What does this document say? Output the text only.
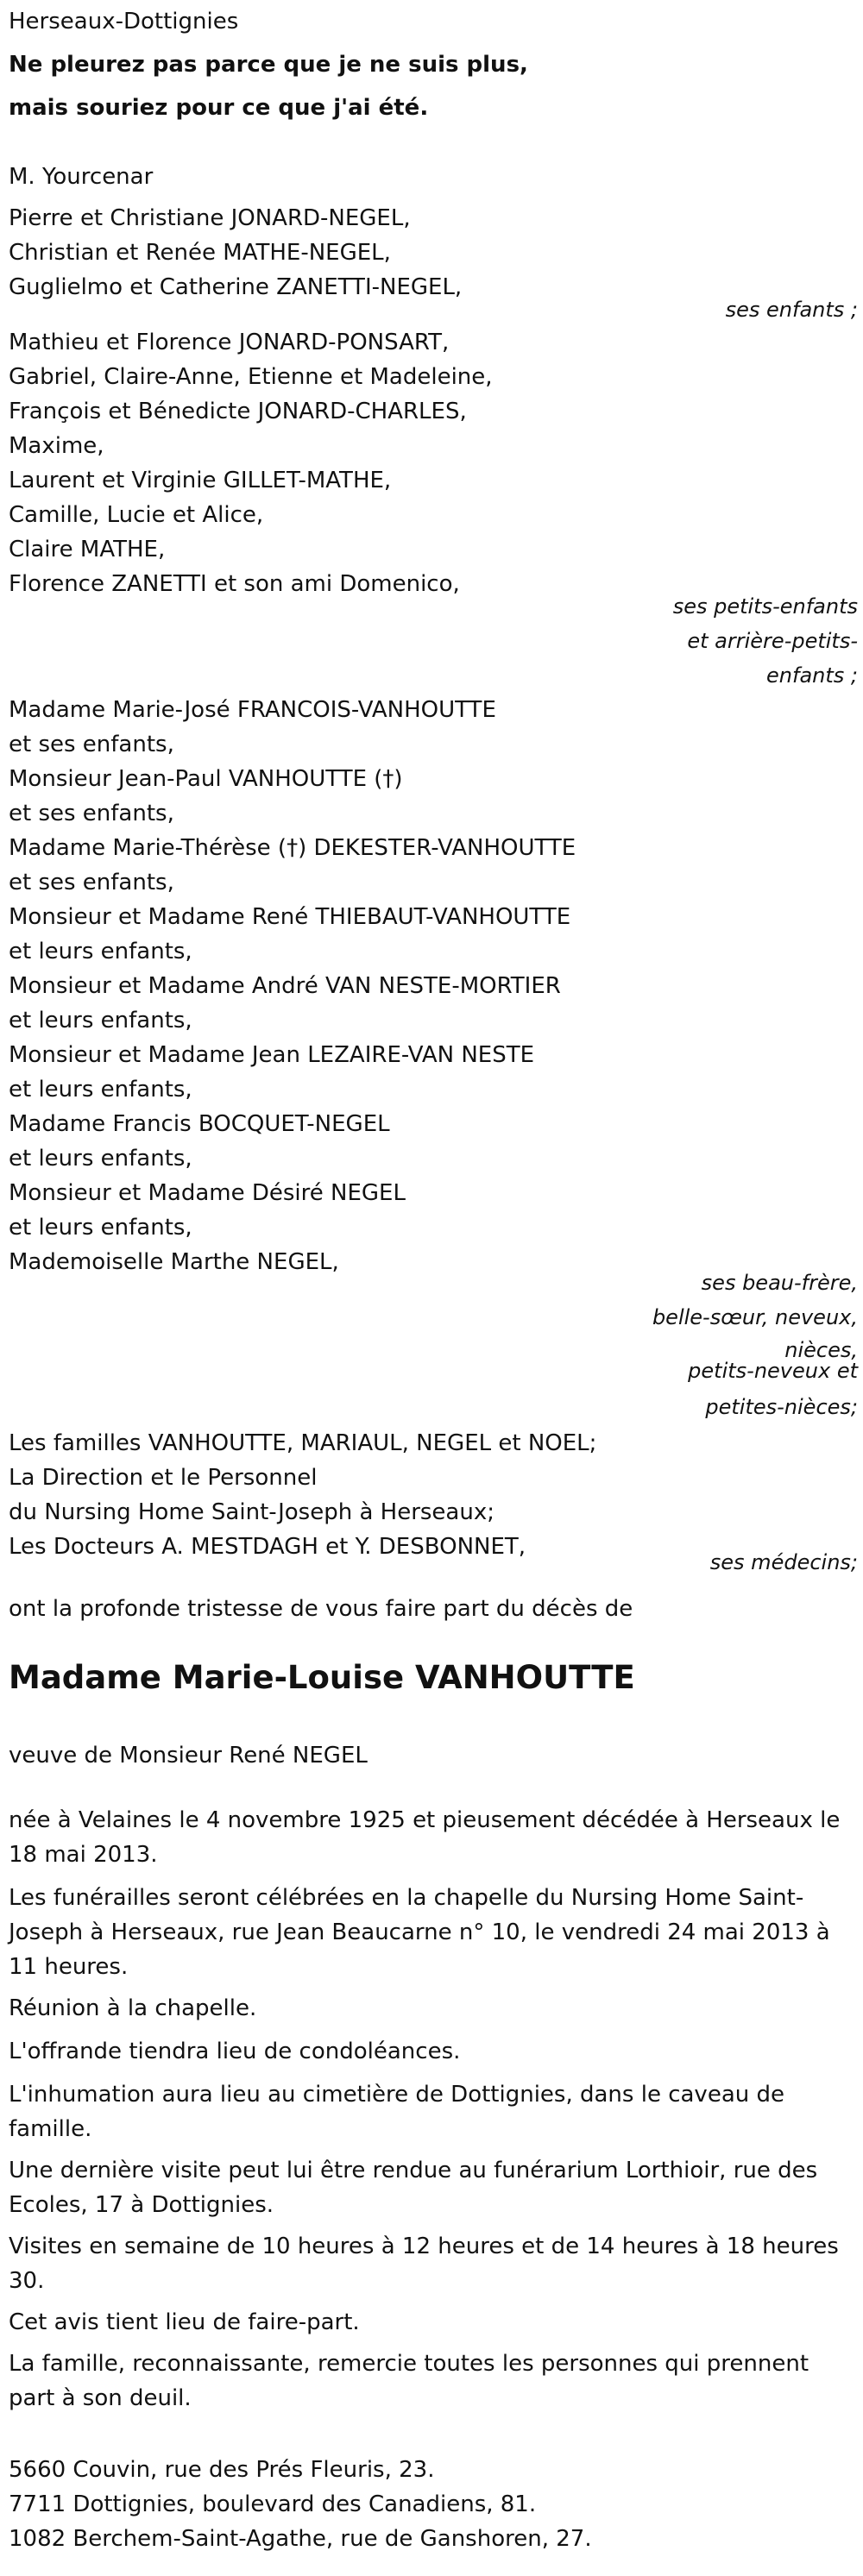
Herseaux-Dottignies
Ne pleurez pas parce que je ne suis plus,
mais souriez pour ce que j'ai été.
M. Yourcenar
Pierre et Christiane JONARD-NEGEL,
Christian et Renée MATHE-NEGEL,
Guglielmo et Catherine ZANETTI-NEGEL,
ses enfants ;
Mathieu et Florence JONARD-PONSART,
Gabriel, Claire-Anne, Etienne et Madeleine,
François et Bénedicte JONARD-CHARLES,
Maxime,
Laurent et Virginie GILLET-MATHE,
Camille, Lucie et Alice,
Claire MATHE,
Florence ZANETTI et son ami Domenico,
ses petits-enfants
et arrière-petits-
enfants ;
Madame Marie-José FRANCOIS-VANHOUTTE
et ses enfants,
Monsieur Jean-Paul VANHOUTTE (†)
et ses enfants,
Madame Marie-Thérèse (†) DEKESTER-VANHOUTTE
et ses enfants,
Monsieur et Madame René THIEBAUT-VANHOUTTE
et leurs enfants,
Monsieur et Madame André VAN NESTE-MORTIER
et leurs enfants,
Monsieur et Madame Jean LEZAIRE-VAN NESTE
et leurs enfants,
Madame Francis BOCQUET-NEGEL
et leurs enfants,
Monsieur et Madame Désiré NEGEL
et leurs enfants,
Mademoiselle Marthe NEGEL,
ses beau-frère,
belle-sœur, neveux,
nièces,
petits-neveux et
petites-nièces;
Les familles VANHOUTTE, MARIAUL, NEGEL et NOEL;
La Direction et le Personnel
du Nursing Home Saint-Joseph à Herseaux;
Les Docteurs A. MESTDAGH et Y. DESBONNET,
ses médecins;
ont la profonde tristesse de vous faire part du décès de
Madame Marie-Louise VANHOUTTE
veuve de Monsieur René NEGEL
née à Velaines le 4 novembre 1925 et pieusement décédée à Herseaux le 18 mai 2013.
Les funérailles seront célébrées en la chapelle du Nursing Home Saint-Joseph à Herseaux, rue Jean Beaucarne n° 10, le vendredi 24 mai 2013 à 11 heures.
Réunion à la chapelle.
L'offrande tiendra lieu de condoléances.
L'inhumation aura lieu au cimetière de Dottignies, dans le caveau de famille.
Une dernière visite peut lui être rendue au funérarium Lorthioir, rue des Ecoles, 17 à Dottignies.
Visites en semaine de 10 heures à 12 heures et de 14 heures à 18 heures 30.
Cet avis tient lieu de faire-part.
La famille, reconnaissante, remercie toutes les personnes qui prennent part à son deuil.
5660 Couvin, rue des Prés Fleuris, 23.
7711 Dottignies, boulevard des Canadiens, 81.
1082 Berchem-Saint-Agathe, rue de Ganshoren, 27.
